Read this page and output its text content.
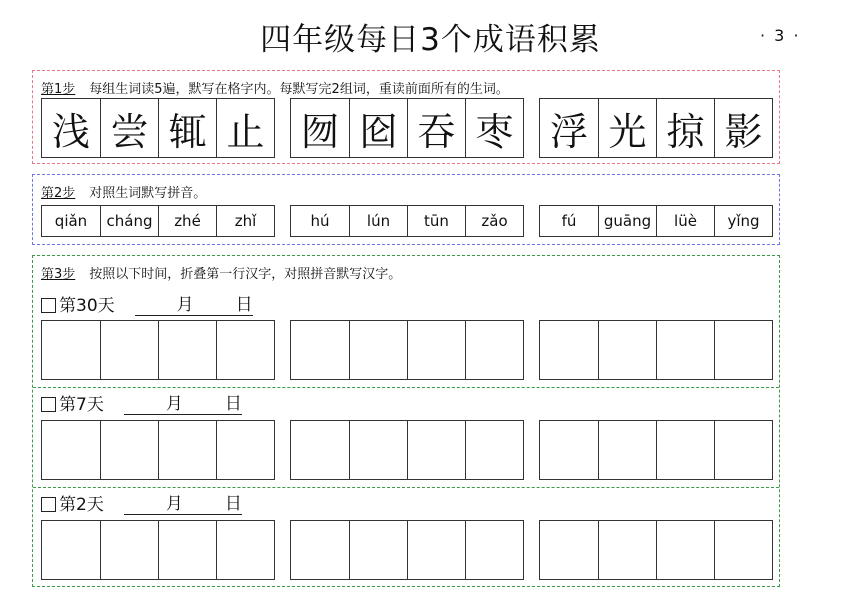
四年级每日3个成语积累	· 3 ·
第1步 每组生词读5遍，默写在格字内。每默写完2组词，重读前面所有的生词。
浅 尝 辄 止 囫 囵 吞 枣 浮 光 掠 影
第2步 对照生词默写拼音。
qiǎn	cháng	zhé	zhǐ	hú	lún	tūn	zǎo	fú	guāng	lüè	yǐng
第3步 按照以下时间，折叠第一行汉字，对照拼音默写汉字。
第30天	月 日
第7天	月 日
第2天	月 日
